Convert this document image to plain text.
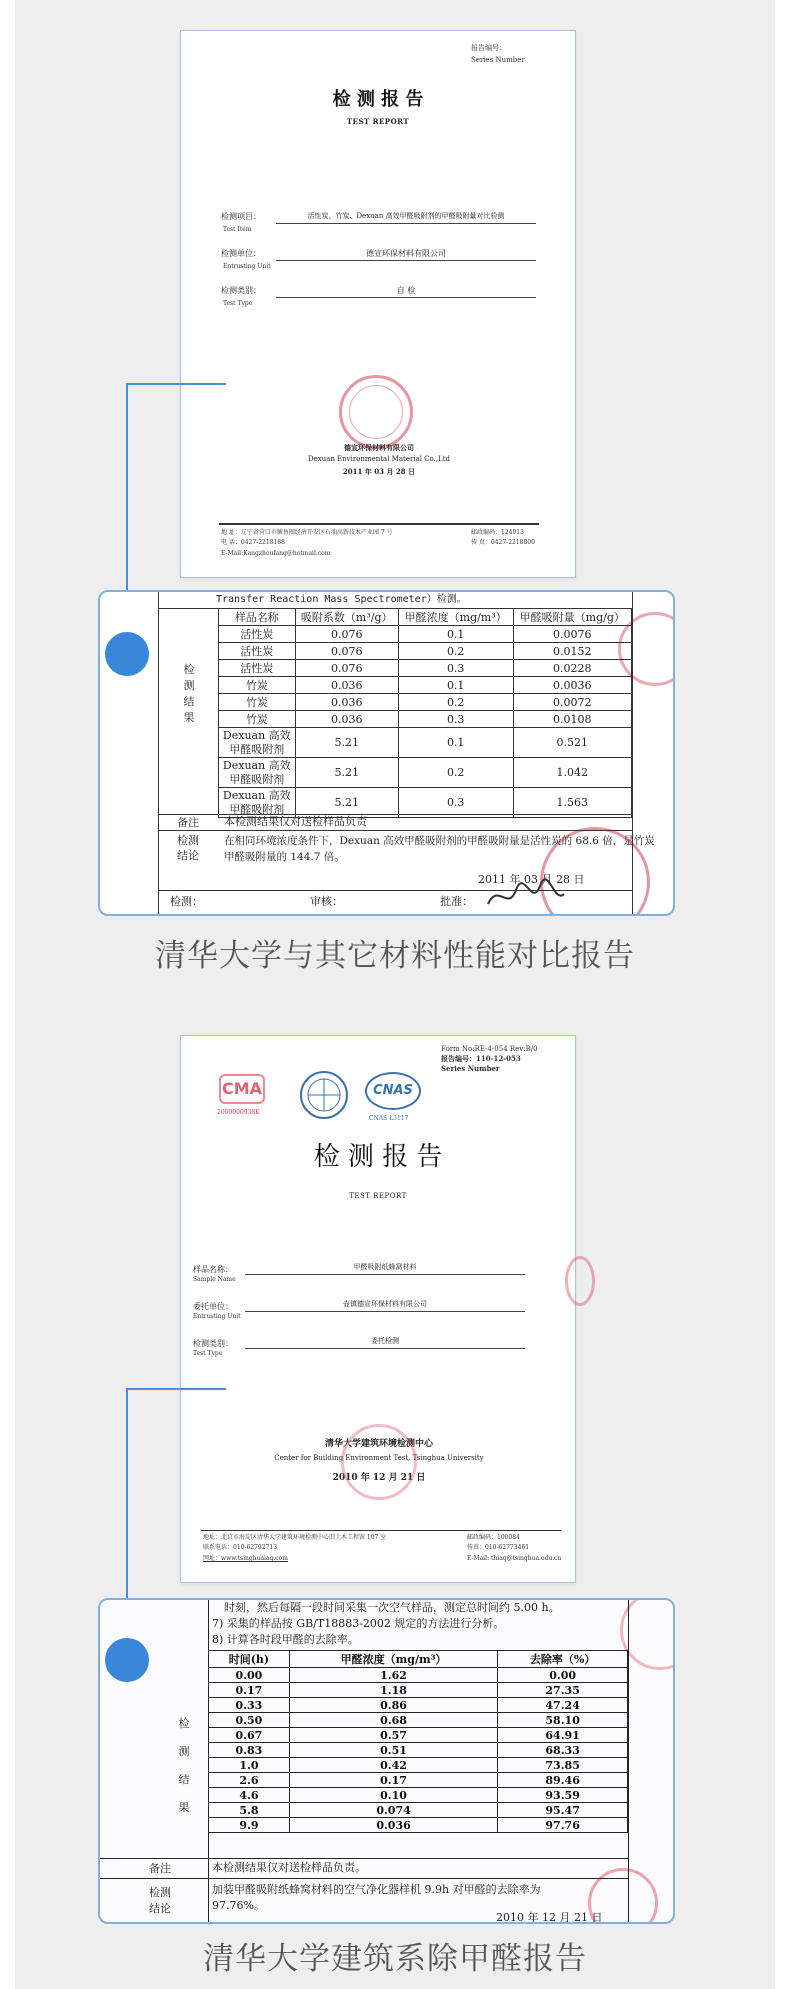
报告编号：
Series Number
检 测 报 告
TEST REPORT
检测项目：	活性炭、竹炭、Dexuan 高效甲醛吸附剂的甲醛吸附量对比检测
Test Item
检测单位：	德宣环保材料有限公司
Entrusting Unit
检测类别：	自 检
Test Type
德宣环保材料有限公司
Dexuan Environmental Material Co.,Ltd
2011 年 03 月 28 日
地 址：辽宁省营口市鲅鱼圈经济开发区石油高新技术产业园 7 号
电 话：0427-2218188
E-Mail:Kangzhoufang@hotmail.com
邮政编码：124013
传 真：0427-2218800
Transfer Reaction Mass Spectrometer）检测。
检测结果
样品名称	吸附系数（m³/g）	甲醛浓度（mg/m³）	甲醛吸附量（mg/g）
活性炭	0.076	0.1	0.0076
活性炭	0.076	0.2	0.0152
活性炭	0.076	0.3	0.0228
竹炭	0.036	0.1	0.0036
竹炭	0.036	0.2	0.0072
竹炭	0.036	0.3	0.0108

Dexuan 高效
甲醛吸附剂	5.21	0.1	0.521

Dexuan 高效
甲醛吸附剂	5.21	0.2	1.042

Dexuan 高效
甲醛吸附剂	5.21	0.3	1.563
备注	本检测结果仅对送检样品负责
检测
结论
在相同环境浓度条件下，Dexuan 高效甲醛吸附剂的甲醛吸附量是活性炭的 68.6 倍，是竹炭
甲醛吸附量的 144.7 倍。
2011 年 03 月 28 日
检测：	审核：	批准：
清华大学与其它材料性能对比报告
Form No:RE-4-054 Rev:B/0
报告编号：110-12-053
Series Number
CMA
2009000938K
CNAS
CNAS L3117
检 测 报 告
TEST REPORT
样品名称：
Sample Name
甲醛吸附纸蜂窝材料
委托单位：
Entrusting Unit
壶镇德宣环保材料有限公司
检测类别：
Test Type
委托检测
清华大学建筑环境检测中心
Center for Building Environment Test, Tsinghua University
2010 年 12 月 21 日
地址：北京市海淀区清华大学建筑环境检测中心旧土木工程馆 107 室
联系电话：010-62792713
网址：www.tsinghuaiaq.com
邮政编码：100084
传真：010-62773461
E-Mail: thiaq@tsinghua.edu.cn
时刻，然后每隔一段时间采集一次空气样品，测定总时间约 5.00 h。
7) 采集的样品按 GB/T18883-2002 规定的方法进行分析。
8) 计算各时段甲醛的去除率。
检测结果
时间(h)	甲醛浓度（mg/m³）	去除率（%）
0.00	1.62	0.00
0.17	1.18	27.35
0.33	0.86	47.24
0.50	0.68	58.10
0.67	0.57	64.91
0.83	0.51	68.33
1.0	0.42	73.85
2.6	0.17	89.46
4.6	0.10	93.59
5.8	0.074	95.47
9.9	0.036	97.76
备注	本检测结果仅对送检样品负责。
检测
结论
加装甲醛吸附纸蜂窝材料的空气净化器样机 9.9h 对甲醛的去除率为
97.76%。
2010 年 12 月 21 日
清华大学建筑系除甲醛报告
